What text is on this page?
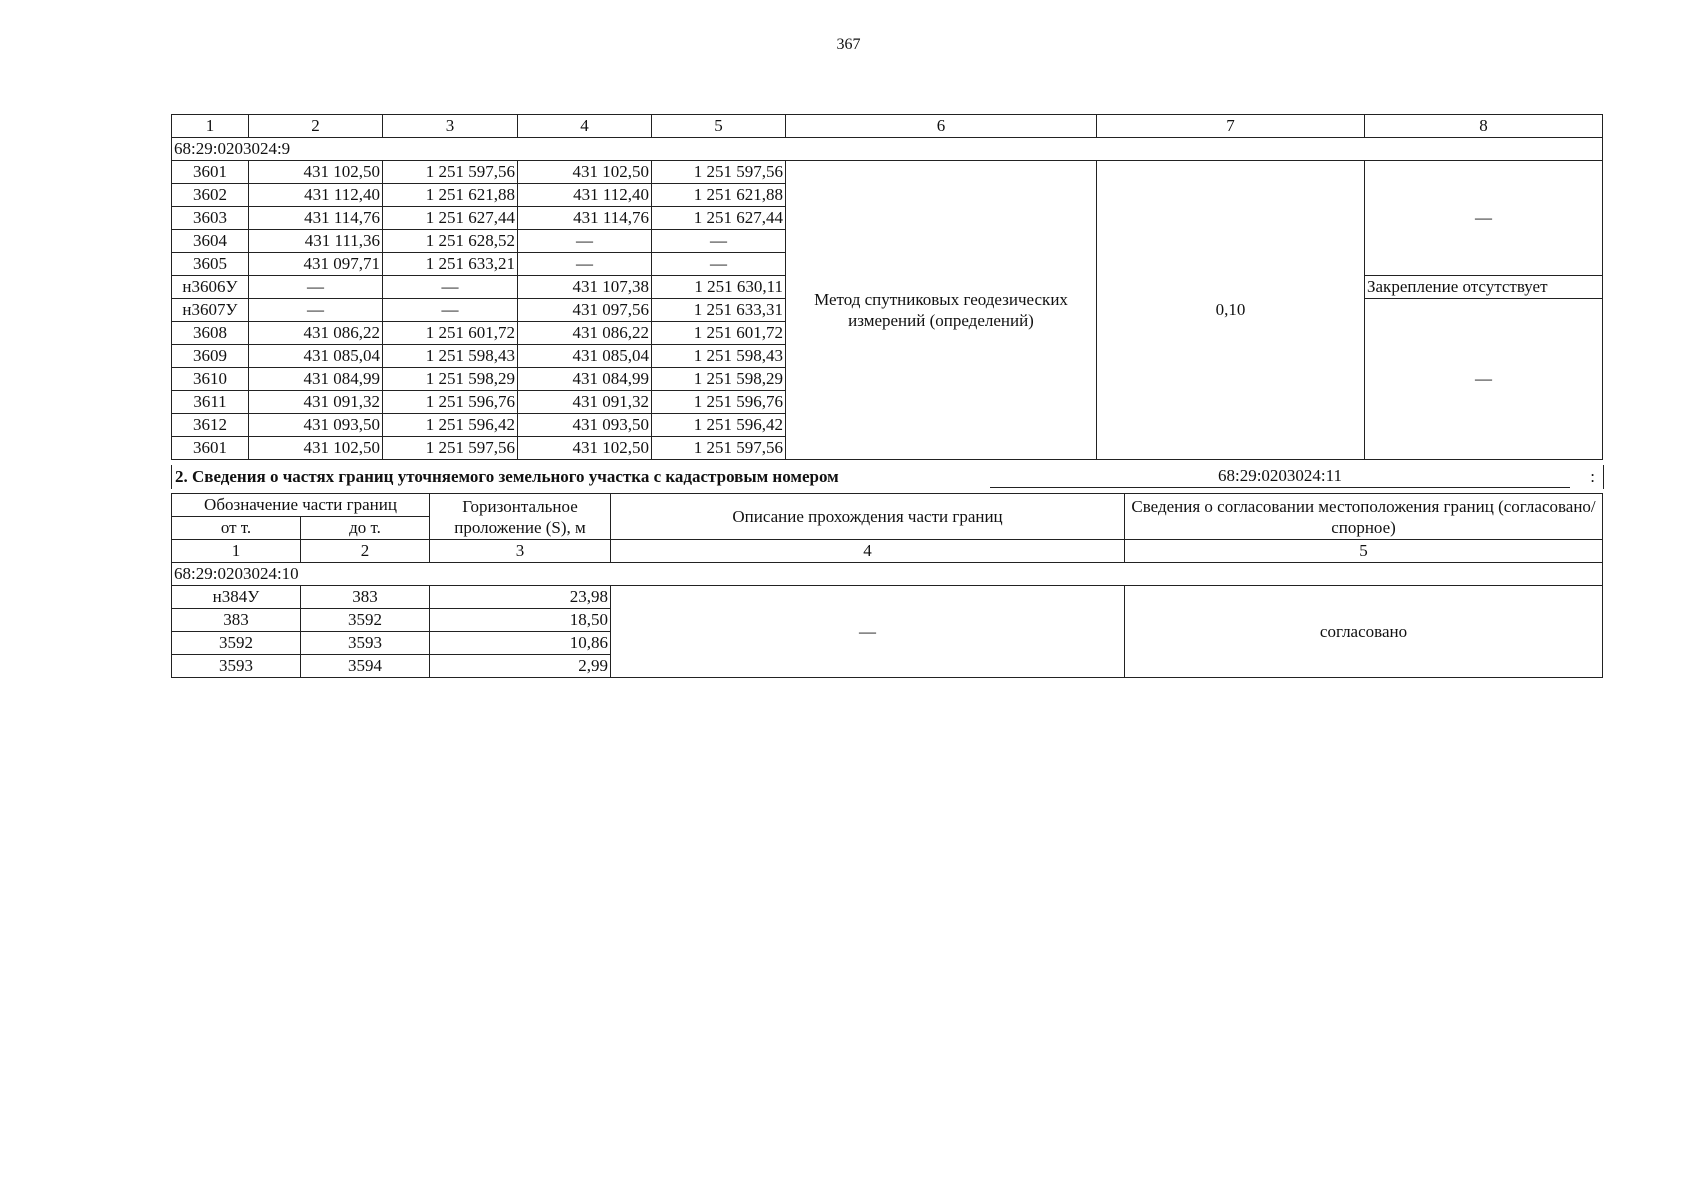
367
1	2	3	4	5	6	7	8
68:29:0203024:9							
3601	431 102,50	1 251 597,56	431 102,50	1 251 597,56	Метод спутниковых геодезических измерений (определений)	0,10	—
3602	431 112,40	1 251 621,88	431 112,40	1 251 621,88			
3603	431 114,76	1 251 627,44	431 114,76	1 251 627,44			
3604	431 111,36	1 251 628,52	—	—			
3605	431 097,71	1 251 633,21	—	—			
н3606У	—	—	431 107,38	1 251 630,11			Закрепление отсутствует
н3607У	—	—	431 097,56	1 251 633,31			—
3608	431 086,22	1 251 601,72	431 086,22	1 251 601,72			
3609	431 085,04	1 251 598,43	431 085,04	1 251 598,43			
3610	431 084,99	1 251 598,29	431 084,99	1 251 598,29			
3611	431 091,32	1 251 596,76	431 091,32	1 251 596,76			
3612	431 093,50	1 251 596,42	431 093,50	1 251 596,42			
3601	431 102,50	1 251 597,56	431 102,50	1 251 597,56			
2. Сведения о частях границ уточняемого земельного участка с кадастровым номером	68:29:0203024:11	:
Обозначение части границ		Горизонтальное проложение (S), м	Описание прохождения части границ	Сведения о согласовании местоположения границ (согласовано/спорное)
от т.	до т.			
1	2	3	4	5
68:29:0203024:10				
н384У	383	23,98	—	согласовано
383	3592	18,50		
3592	3593	10,86		
3593	3594	2,99		
